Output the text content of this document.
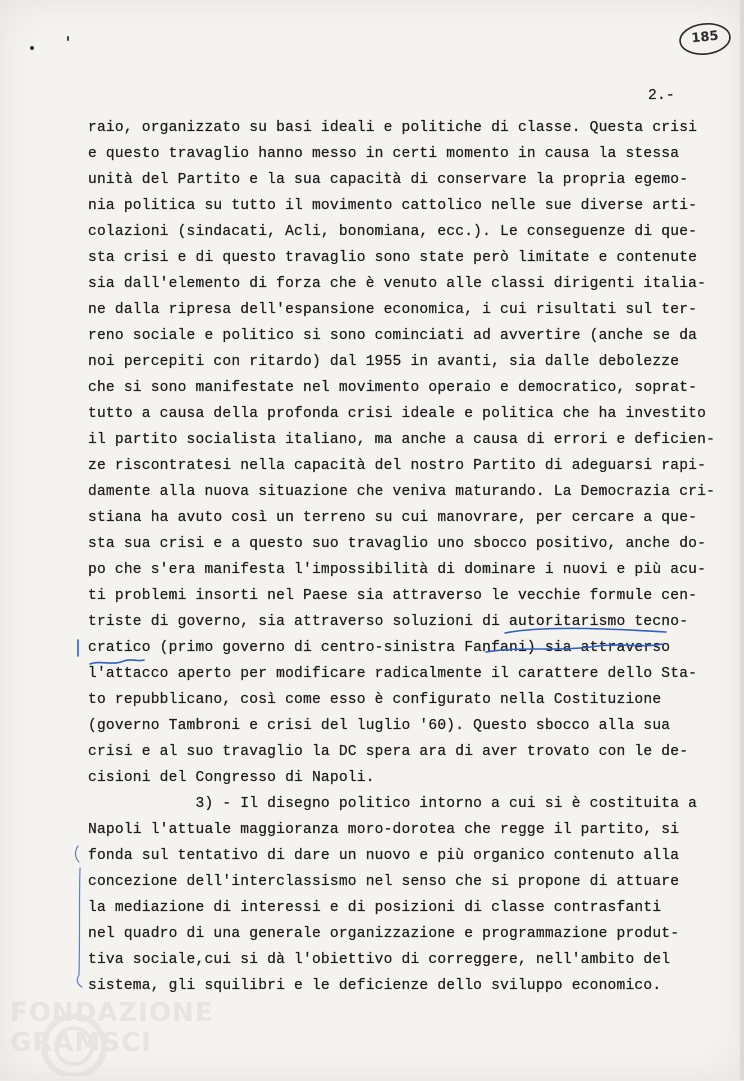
185
2.-
raio, organizzato su basi ideali e politiche di classe. Questa crisi
e questo travaglio hanno messo in certi momento in causa la stessa
unità del Partito e la sua capacità di conservare la propria egemo-
nia politica su tutto il movimento cattolico nelle sue diverse arti-
colazioni (sindacati, Acli, bonomiana, ecc.). Le conseguenze di que-
sta crisi e di questo travaglio sono state però limitate e contenute
sia dall'elemento di forza che è venuto alle classi dirigenti italia-
ne dalla ripresa dell'espansione economica, i cui risultati sul ter-
reno sociale e politico si sono cominciati ad avvertire (anche se da
noi percepiti con ritardo) dal 1955 in avanti, sia dalle debolezze
che si sono manifestate nel movimento operaio e democratico, soprat-
tutto a causa della profonda crisi ideale e politica che ha investito
il partito socialista italiano, ma anche a causa di errori e deficien-
ze riscontratesi nella capacità del nostro Partito di adeguarsi rapi-
damente alla nuova situazione che veniva maturando. La Democrazia cri-
stiana ha avuto così un terreno su cui manovrare, per cercare a que-
sta sua crisi e a questo suo travaglio uno sbocco positivo, anche do-
po che s'era manifesta l'impossibilità di dominare i nuovi e più acu-
ti problemi insorti nel Paese sia attraverso le vecchie formule cen-
triste di governo, sia attraverso soluzioni di autoritarismo tecno-
cratico (primo governo di centro-sinistra Fanfani) sia attraverso
l'attacco aperto per modificare radicalmente il carattere dello Sta-
to repubblicano, così come esso è configurato nella Costituzione
(governo Tambroni e crisi del luglio '60). Questo sbocco alla sua
crisi e al suo travaglio la DC spera ara di aver trovato con le de-
cisioni del Congresso di Napoli.
3) - Il disegno politico intorno a cui si è costituita a
Napoli l'attuale maggioranza moro-dorotea che regge il partito, si
fonda sul tentativo di dare un nuovo e più organico contenuto alla
concezione dell'interclassismo nel senso che si propone di attuare
la mediazione di interessi e di posizioni di classe contrasfanti
nel quadro di una generale organizzazione e programmazione produt-
tiva sociale,cui si dà l'obiettivo di correggere, nell'ambito del
sistema, gli squilibri e le deficienze dello sviluppo economico.
FONDAZIONE GRAMSCI
